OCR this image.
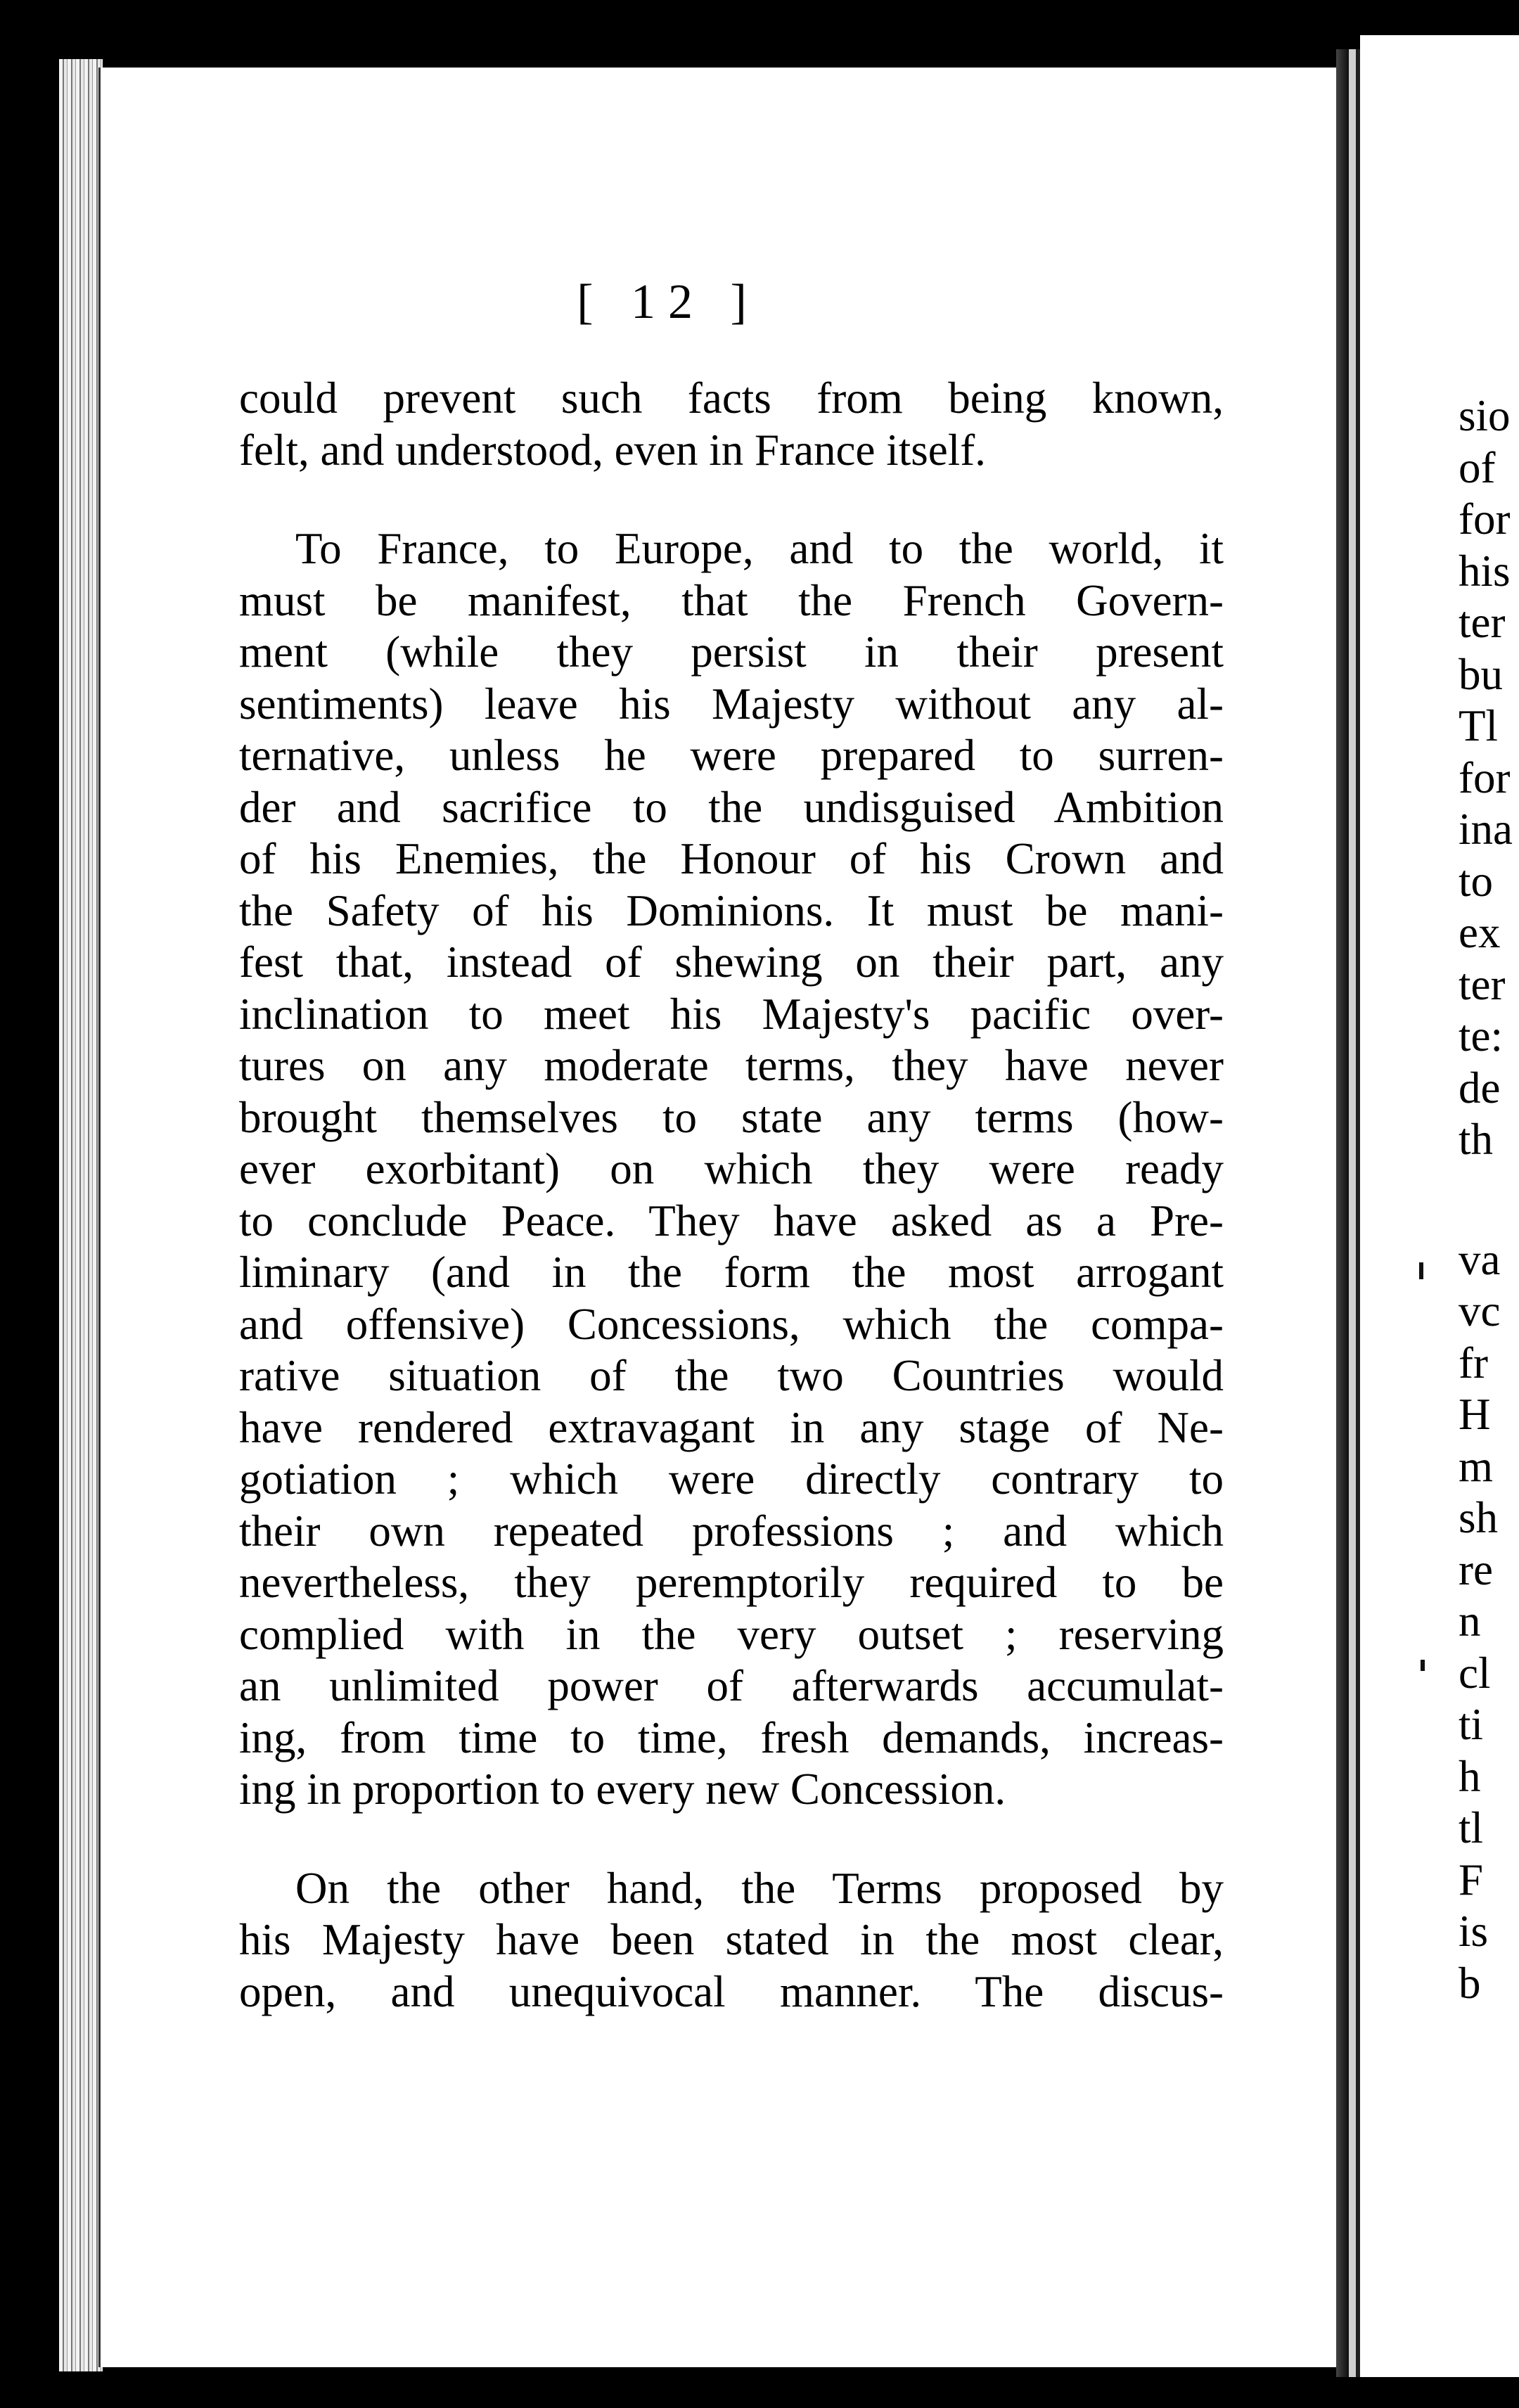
[ 12 ]
could prevent such facts from being known,
felt, and understood, even in France itself.
To France, to Europe, and to the world, it
must be manifest, that the French Govern-
ment (while they persist in their present
sentiments) leave his Majesty without any al-
ternative, unless he were prepared to surren-
der and sacrifice to the undisguised Ambition
of his Enemies, the Honour of his Crown and
the Safety of his Dominions. It must be mani-
fest that, instead of shewing on their part, any
inclination to meet his Majesty's pacific over-
tures on any moderate terms, they have never
brought themselves to state any terms (how-
ever exorbitant) on which they were ready
to conclude Peace. They have asked as a Pre-
liminary (and in the form the most arrogant
and offensive) Concessions, which the compa-
rative situation of the two Countries would
have rendered extravagant in any stage of Ne-
gotiation ; which were directly contrary to
their own repeated professions ; and which
nevertheless, they peremptorily required to be
complied with in the very outset ; reserving
an unlimited power of afterwards accumulat-
ing, from time to time, fresh demands, increas-
ing in proportion to every new Concession.
On the other hand, the Terms proposed by
his Majesty have been stated in the most clear,
open, and unequivocal manner. The discus-
sio
of
for
his
ter
bu
Tl
for
ina
to
ex
ter
te:
de
th
va
vc
fr
H
m
sh
re
n
cl
ti
h
tl
F
is
b
